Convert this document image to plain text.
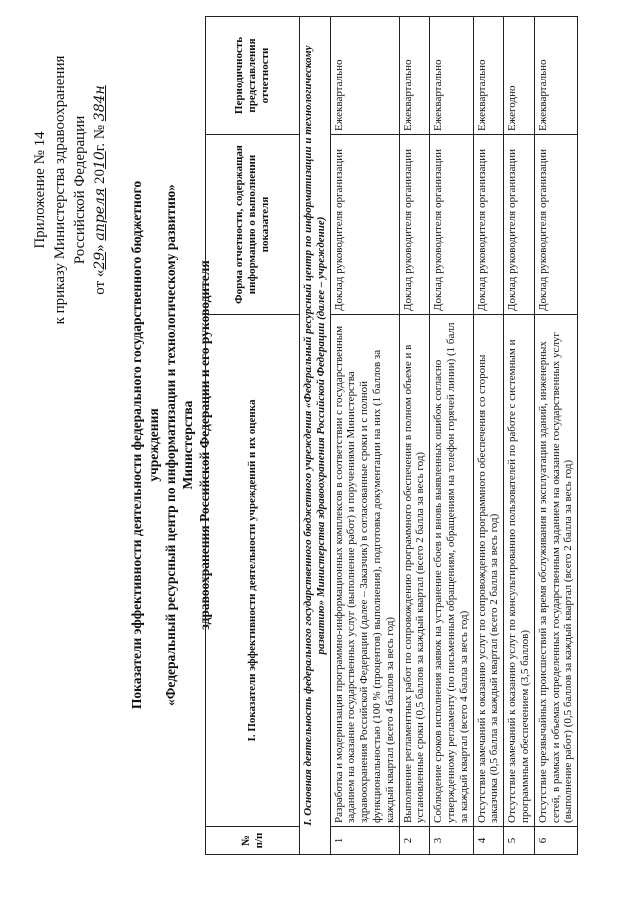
Приложение № 14 к приказу Министерства здравоохранения Российской Федерации
от «29» апреля 2010г. № 384н
Показатели эффективности деятельности федерального государственного бюджетного учреждения «Федеральный ресурсный центр по информатизации и технологическому развитию» Министерства здравоохранения Российской Федерации и его руководителя
№ п/п	I. Показатели эффективности деятельности учреждений и их оценка	Форма отчетности, содержащая информацию о выполнении показателя	Периодичность представления отчетности
I. Основная деятельность федерального государственного бюджетного учреждения «Федеральный ресурсный центр по информатизации и технологическому развитию» Министерства здравоохранения Российской Федерации (далее – учреждение)			
1	Разработка и модернизация программно-информационных комплексов в соответствии с государственным заданием на оказание государственных услуг (выполнение работ) и поручениями Министерства здравоохранения Российской Федерации (далее – Заказчик) в согласованные сроки и с полной функциональностью (100 % (процентов) выполнения), подготовка документации на них (1 баллов за каждый квартал (всего 4 баллов за весь год)	Доклад руководителя организации	Ежеквартально
2	Выполнение регламентных работ по сопровождению программного обеспечения в полном объеме и в установленные сроки (0,5 баллов за каждый квартал (всего 2 балла за весь год)	Доклад руководителя организации	Ежеквартально
3	Соблюдение сроков исполнения заявок на устранение сбоев и вновь выявленных ошибок согласно утвержденному регламенту (по письменным обращениям, обращениям на телефон горячей линии) (1 балл за каждый квартал (всего 4 балла за весь год)	Доклад руководителя организации	Ежеквартально
4	Отсутствие замечаний к оказанию услуг по сопровождению программного обеспечения со стороны заказчика (0,5 балла за каждый квартал (всего 2 балла за весь год)	Доклад руководителя организации	Ежеквартально
5	Отсутствие замечаний к оказанию услуг по консультированию пользователей по работе с системным и программным обеспечением (3,5 баллов)	Доклад руководителя организации	Ежегодно
6	Отсутствие чрезвычайных происшествий за время обслуживания и эксплуатации зданий, инженерных сетей, в рамках и объемах определенных государственным заданием на оказание государственных услуг (выполнение работ) (0,5 баллов за каждый квартал (всего 2 балла за весь год)	Доклад руководителя организации	Ежеквартально
